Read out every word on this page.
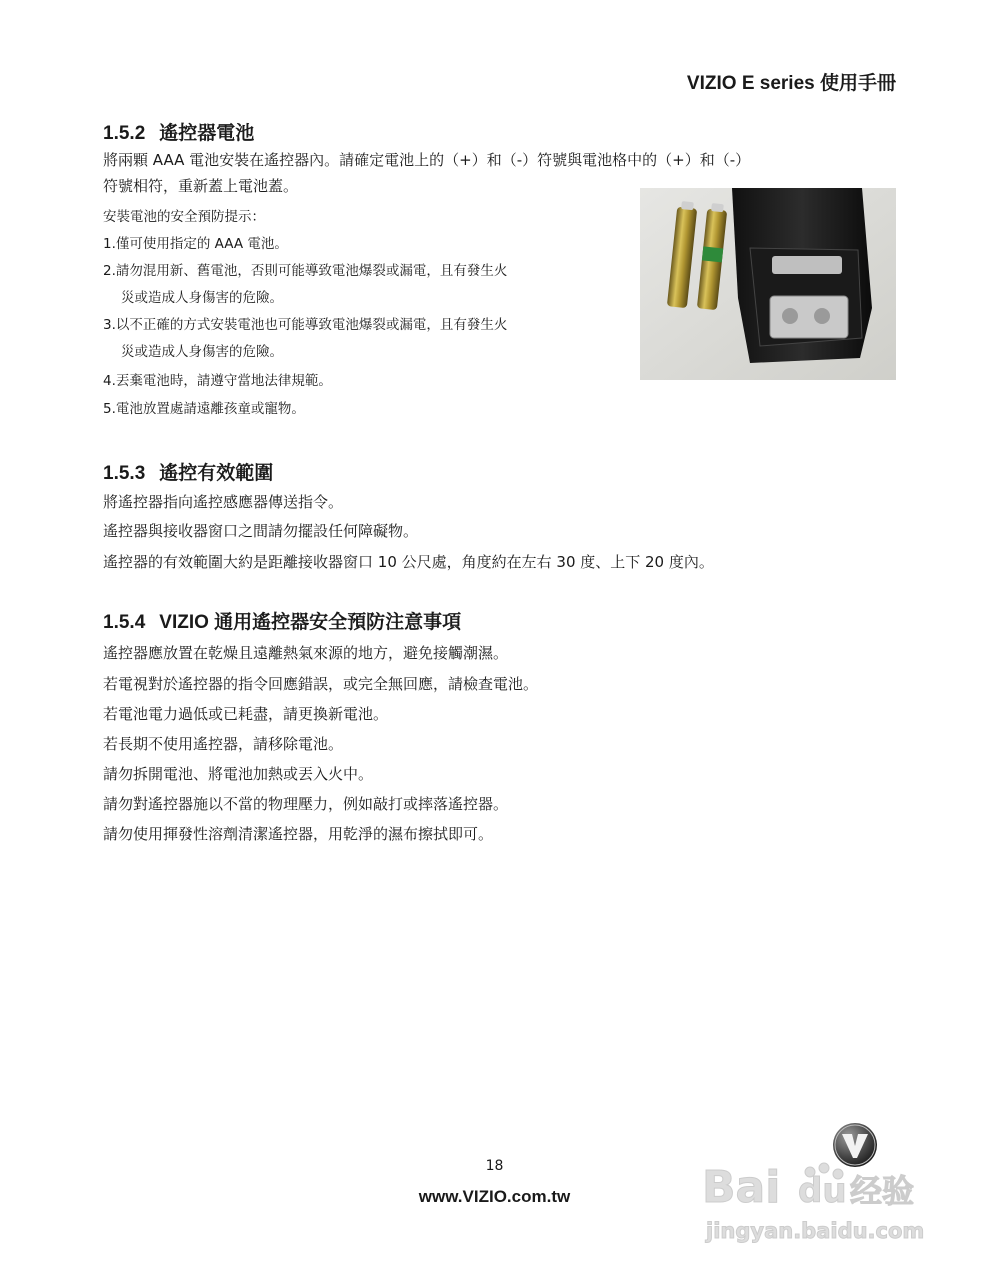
VIZIO E series 使用手冊
1.5.2 遙控器電池

將兩顆 AAA 電池安裝在遙控器內。請確定電池上的（+）和（-）符號與電池格中的（+）和（-）

符號相符，重新蓋上電池蓋。

安裝電池的安全預防提示：

1.僅可使用指定的 AAA 電池。

2.請勿混用新、舊電池，否則可能導致電池爆裂或漏電，且有發生火

災或造成人身傷害的危險。

3.以不正確的方式安裝電池也可能導致電池爆裂或漏電，且有發生火

災或造成人身傷害的危險。

4.丟棄電池時，請遵守當地法律規範。

5.電池放置處請遠離孩童或寵物。

1.5.3 遙控有效範圍

將遙控器指向遙控感應器傳送指令。

遙控器與接收器窗口之間請勿擺設任何障礙物。

遙控器的有效範圍大約是距離接收器窗口 10 公尺處，角度約在左右 30 度、上下 20 度內。

1.5.4 VIZIO 通用遙控器安全預防注意事項

遙控器應放置在乾燥且遠離熱氣來源的地方，避免接觸潮濕。

若電視對於遙控器的指令回應錯誤，或完全無回應，請檢查電池。

若電池電力過低或已耗盡，請更換新電池。

若長期不使用遙控器，請移除電池。

請勿拆開電池、將電池加熱或丟入火中。

請勿對遙控器施以不當的物理壓力，例如敲打或摔落遙控器。

請勿使用揮發性溶劑清潔遙控器，用乾淨的濕布擦拭即可。

18
www.VIZIO.com.tw	Bai du 经验
jingyan.baidu.com
